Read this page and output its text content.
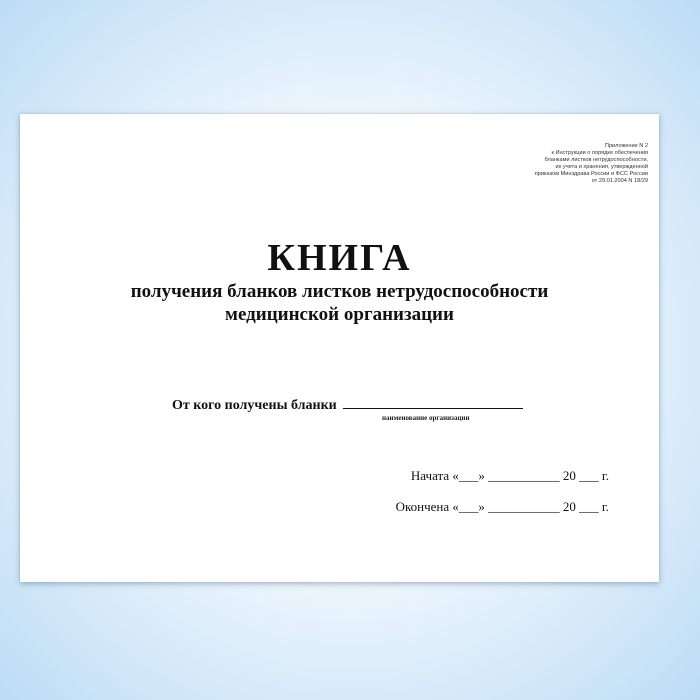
Приложение N 2
к Инструкции о порядке обеспечения
бланками листков нетрудоспособности,
их учета и хранения, утвержденной
приказом Минздрава России и ФСС России
от 29.01.2004 N 18/29
КНИГА
получения бланков листков нетрудоспособности
медицинской организации
От кого получены бланки
наименование организации
Начата «___» ___________ 20 ___ г.
Окончена «___» ___________ 20 ___ г.
